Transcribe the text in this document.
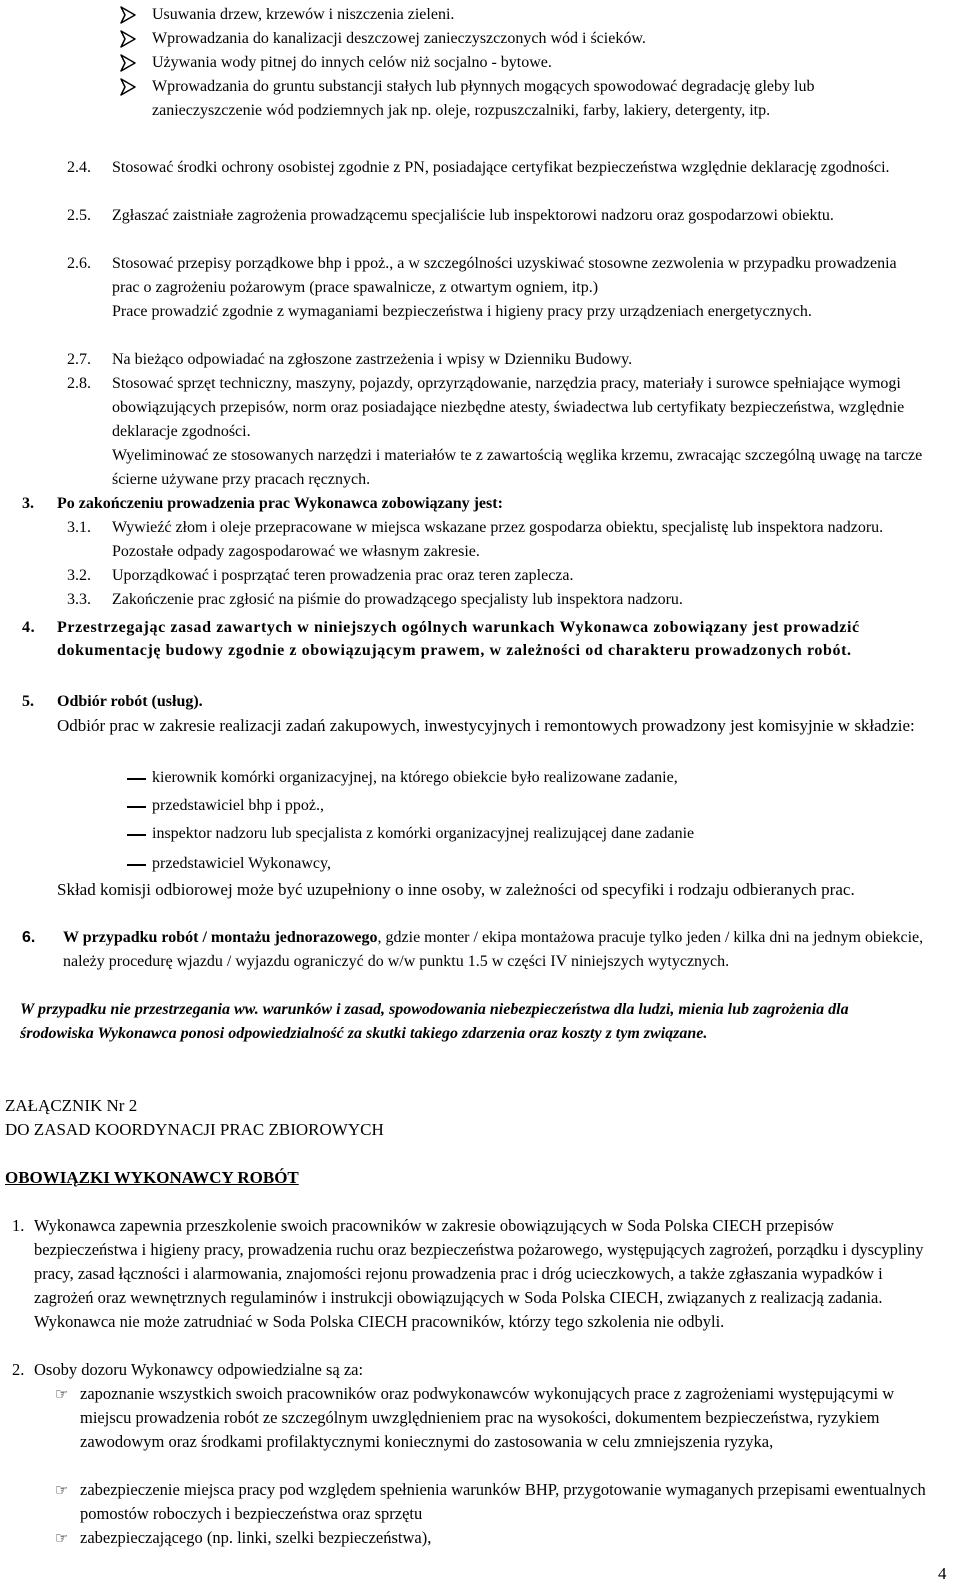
Usuwania drzew, krzewów i niszczenia zieleni.
Wprowadzania do kanalizacji deszczowej zanieczyszczonych wód i ścieków.
Używania wody pitnej do innych celów niż socjalno - bytowe.
Wprowadzania do gruntu substancji stałych lub płynnych mogących spowodować degradację gleby lub zanieczyszczenie wód podziemnych jak np. oleje, rozpuszczalniki, farby, lakiery, detergenty, itp.
2.4. Stosować środki ochrony osobistej zgodnie z PN, posiadające certyfikat bezpieczeństwa względnie deklarację zgodności.
2.5. Zgłaszać zaistniałe zagrożenia prowadzącemu specjaliście lub inspektorowi nadzoru oraz gospodarzowi obiektu.
2.6. Stosować przepisy porządkowe bhp i ppoż., a w szczególności uzyskiwać stosowne zezwolenia w przypadku prowadzenia prac o zagrożeniu pożarowym (prace spawalnicze, z otwartym ogniem, itp.)
Prace prowadzić zgodnie z wymaganiami bezpieczeństwa i higieny pracy przy urządzeniach energetycznych.
2.7. Na bieżąco odpowiadać na zgłoszone zastrzeżenia i wpisy w Dzienniku Budowy.
2.8. Stosować sprzęt techniczny, maszyny, pojazdy, oprzyrządowanie, narzędzia pracy, materiały i surowce spełniające wymogi obowiązujących przepisów, norm oraz posiadające niezbędne atesty, świadectwa lub certyfikaty bezpieczeństwa, względnie deklaracje zgodności.
Wyeliminować ze stosowanych narzędzi i materiałów te z zawartością węglika krzemu, zwracając szczególną uwagę na tarcze ścierne używane przy pracach ręcznych.
3. Po zakończeniu prowadzenia prac Wykonawca zobowiązany jest:
3.1. Wywieźć złom i oleje przepracowane w miejsca wskazane przez gospodarza obiektu, specjalistę lub inspektora nadzoru. Pozostałe odpady zagospodarować we własnym zakresie.
3.2. Uporządkować i posprzątać teren prowadzenia prac oraz teren zaplecza.
3.3. Zakończenie prac zgłosić na piśmie do prowadzącego specjalisty lub inspektora nadzoru.
4. Przestrzegając zasad zawartych w niniejszych ogólnych warunkach Wykonawca zobowiązany jest prowadzić dokumentację budowy zgodnie z obowiązującym prawem, w zależności od charakteru prowadzonych robót.
5. Odbiór robót (usług).
Odbiór prac w zakresie realizacji zadań zakupowych, inwestycyjnych i remontowych prowadzony jest komisyjnie w składzie:
kierownik komórki organizacyjnej, na którego obiekcie było realizowane zadanie,
przedstawiciel bhp i ppoż.,
inspektor nadzoru lub specjalista z komórki organizacyjnej realizującej dane zadanie
przedstawiciel Wykonawcy,
Skład komisji odbiorowej może być uzupełniony o inne osoby, w zależności od specyfiki i rodzaju odbieranych prac.
6. W przypadku robót / montażu jednorazowego, gdzie monter / ekipa montażowa pracuje tylko jeden / kilka dni na jednym obiekcie, należy procedurę wjazdu / wyjazdu ograniczyć do w/w punktu 1.5 w części IV niniejszych wytycznych.
W przypadku nie przestrzegania ww. warunków i zasad, spowodowania niebezpieczeństwa dla ludzi, mienia lub zagrożenia dla środowiska Wykonawca ponosi odpowiedzialność za skutki takiego zdarzenia oraz koszty z tym związane.
ZAŁĄCZNIK Nr 2
DO ZASAD KOORDYNACJI PRAC ZBIOROWYCH
OBOWIĄZKI WYKONAWCY ROBÓT
1. Wykonawca zapewnia przeszkolenie swoich pracowników w zakresie obowiązujących w Soda Polska CIECH przepisów bezpieczeństwa i higieny pracy, prowadzenia ruchu oraz bezpieczeństwa pożarowego, występujących zagrożeń, porządku i dyscypliny pracy, zasad łączności i alarmowania, znajomości rejonu prowadzenia prac i dróg ucieczkowych, a także zgłaszania wypadków i zagrożeń oraz wewnętrznych regulaminów i instrukcji obowiązujących w Soda Polska CIECH, związanych z realizacją zadania. Wykonawca nie może zatrudniać w Soda Polska CIECH pracowników, którzy tego szkolenia nie odbyli.
2. Osoby dozoru Wykonawcy odpowiedzialne są za:
☞ zapoznanie wszystkich swoich pracowników oraz podwykonawców wykonujących prace z zagrożeniami występującymi w miejscu prowadzenia robót ze szczególnym uwzględnieniem prac na wysokości, dokumentem bezpieczeństwa, ryzykiem zawodowym oraz środkami profilaktycznymi koniecznymi do zastosowania w celu zmniejszenia ryzyka,
☞ zabezpieczenie miejsca pracy pod względem spełnienia warunków BHP, przygotowanie wymaganych przepisami ewentualnych pomostów roboczych i bezpieczeństwa oraz sprzętu
☞ zabezpieczającego (np. linki, szelki bezpieczeństwa),
4
